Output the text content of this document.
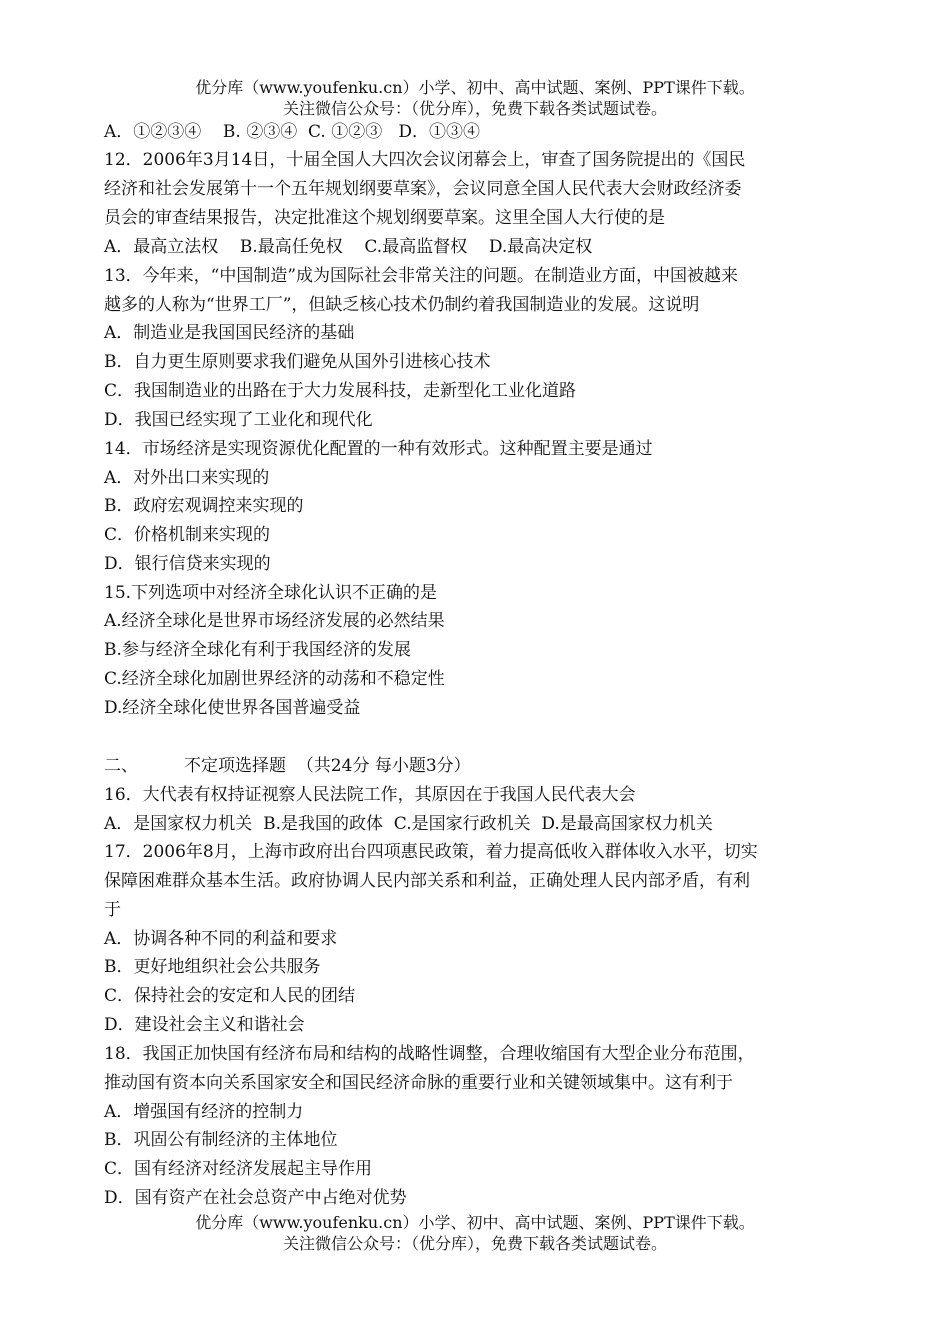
优分库（www.youfenku.cn）小学、初中、高中试题、案例、PPT课件下载。
关注微信公众号：（优分库），免费下载各类试题试卷。
A．①②③④    B. ②③④  C. ①②③   D．①③④
12．2006年3月14日，十届全国人大四次会议闭幕会上，审查了国务院提出的《国民
经济和社会发展第十一个五年规划纲要草案》，会议同意全国人民代表大会财政经济委
员会的审查结果报告，决定批准这个规划纲要草案。这里全国人大行使的是
A．最高立法权    B.最高任免权    C.最高监督权    D.最高决定权
13．今年来，“中国制造”成为国际社会非常关注的问题。在制造业方面，中国被越来
越多的人称为“世界工厂”，但缺乏核心技术仍制约着我国制造业的发展。这说明
A．制造业是我国国民经济的基础
B．自力更生原则要求我们避免从国外引进核心技术
C．我国制造业的出路在于大力发展科技，走新型化工业化道路
D．我国已经实现了工业化和现代化
14．市场经济是实现资源优化配置的一种有效形式。这种配置主要是通过
A．对外出口来实现的
B．政府宏观调控来实现的
C．价格机制来实现的
D．银行信贷来实现的
15.下列选项中对经济全球化认识不正确的是
A.经济全球化是世界市场经济发展的必然结果
B.参与经济全球化有利于我国经济的发展
C.经济全球化加剧世界经济的动荡和不稳定性
D.经济全球化使世界各国普遍受益
二、	不定项选择题  （共24分 每小题3分）
16．大代表有权持证视察人民法院工作，其原因在于我国人民代表大会
A．是国家权力机关  B.是我国的政体  C.是国家行政机关  D.是最高国家权力机关
17．2006年8月，上海市政府出台四项惠民政策，着力提高低收入群体收入水平，切实
保障困难群众基本生活。政府协调人民内部关系和利益，正确处理人民内部矛盾，有利
于
A．协调各种不同的利益和要求
B．更好地组织社会公共服务
C．保持社会的安定和人民的团结
D．建设社会主义和谐社会
18．我国正加快国有经济布局和结构的战略性调整，合理收缩国有大型企业分布范围，
推动国有资本向关系国家安全和国民经济命脉的重要行业和关键领域集中。这有利于
A．增强国有经济的控制力
B．巩固公有制经济的主体地位
C．国有经济对经济发展起主导作用
D．国有资产在社会总资产中占绝对优势
优分库（www.youfenku.cn）小学、初中、高中试题、案例、PPT课件下载。
关注微信公众号：（优分库），免费下载各类试题试卷。
